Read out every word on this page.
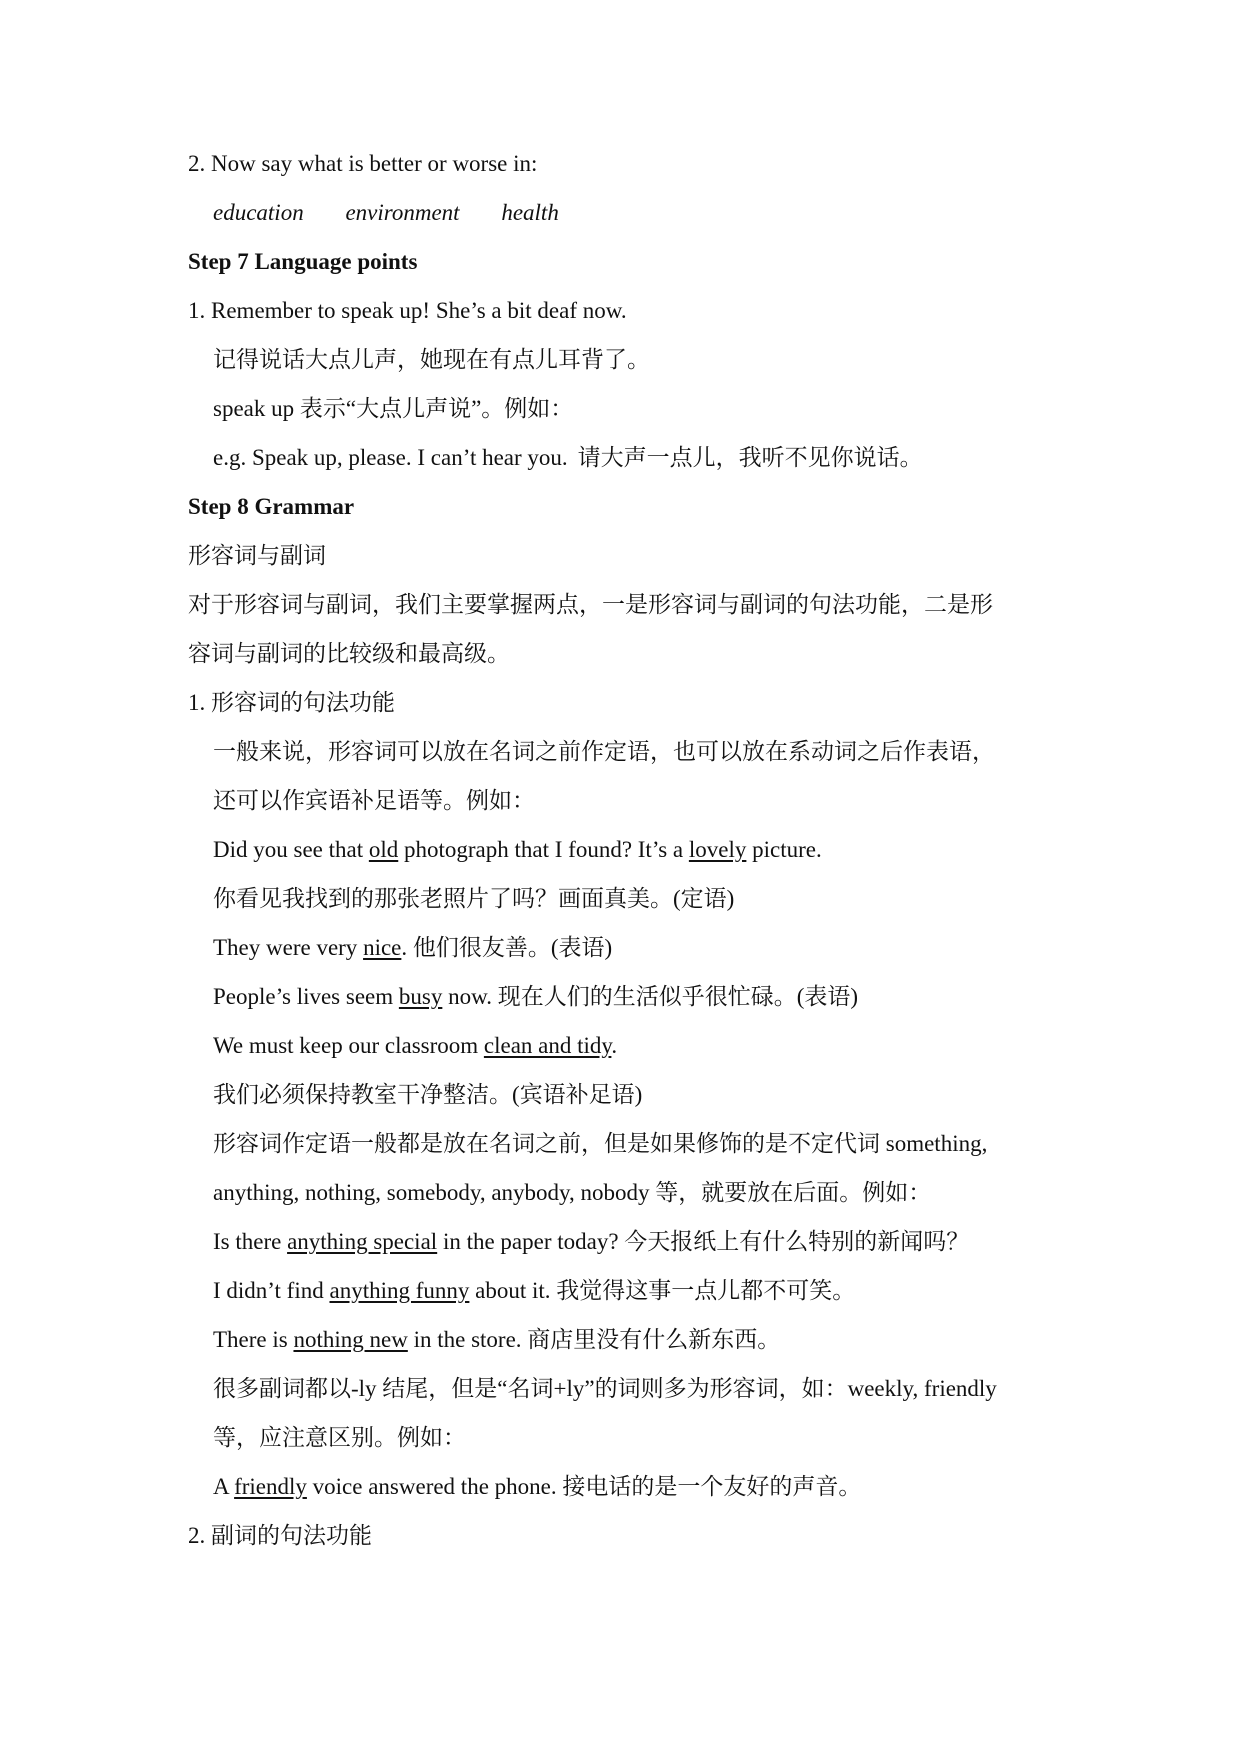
2. Now say what is better or worse in:
education environment health
Step 7 Language points
1. Remember to speak up! She’s a bit deaf now.
记得说话大点儿声，她现在有点儿耳背了。
speak up 表示“大点儿声说”。例如：
e.g. Speak up, please. I can’t hear you. 请大声一点儿，我听不见你说话。
Step 8 Grammar
形容词与副词
对于形容词与副词，我们主要掌握两点，一是形容词与副词的句法功能，二是形
容词与副词的比较级和最高级。
1. 形容词的句法功能
一般来说，形容词可以放在名词之前作定语，也可以放在系动词之后作表语，
还可以作宾语补足语等。例如：
Did you see that old photograph that I found? It’s a lovely picture.
你看见我找到的那张老照片了吗？画面真美。(定语)
They were very nice. 他们很友善。(表语)
People’s lives seem busy now. 现在人们的生活似乎很忙碌。(表语)
We must keep our classroom clean and tidy.
我们必须保持教室干净整洁。(宾语补足语)
形容词作定语一般都是放在名词之前，但是如果修饰的是不定代词 something,
anything, nothing, somebody, anybody, nobody 等，就要放在后面。例如：
Is there anything special in the paper today? 今天报纸上有什么特别的新闻吗？
I didn’t find anything funny about it. 我觉得这事一点儿都不可笑。
There is nothing new in the store. 商店里没有什么新东西。
很多副词都以-ly 结尾，但是“名词+ly”的词则多为形容词，如：weekly, friendly
等，应注意区别。例如：
A friendly voice answered the phone. 接电话的是一个友好的声音。
2. 副词的句法功能
